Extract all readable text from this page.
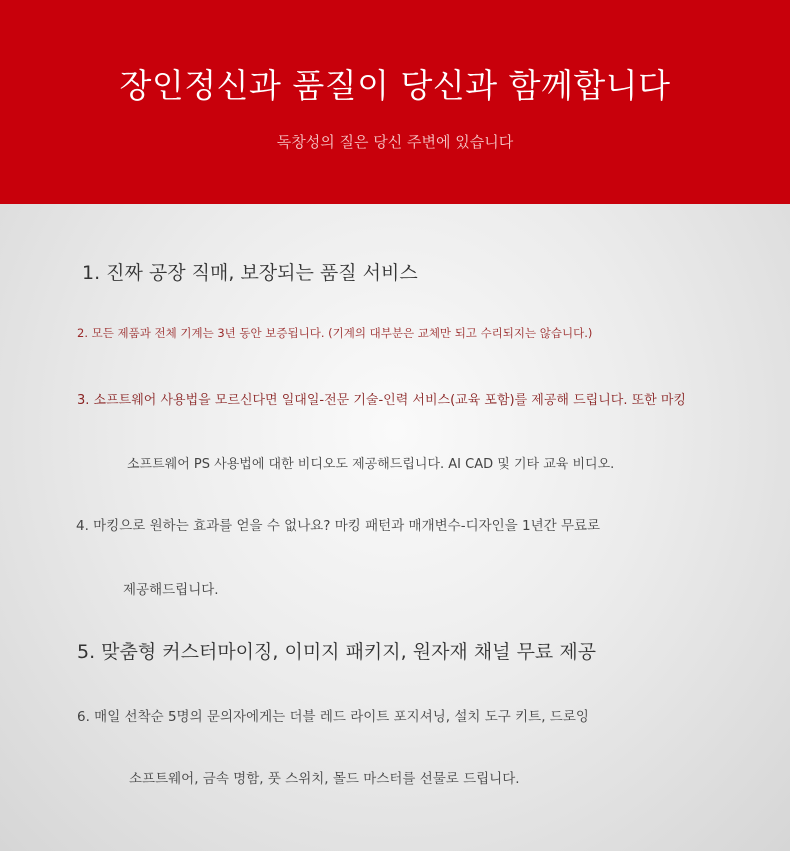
장인정신과 품질이 당신과 함께합니다
독창성의 질은 당신 주변에 있습니다
1. 진짜 공장 직매, 보장되는 품질 서비스
2. 모든 제품과 전체 기계는 3년 동안 보증됩니다. (기계의 대부분은 교체만 되고 수리되지는 않습니다.)
3. 소프트웨어 사용법을 모르신다면 일대일-전문 기술-인력 서비스(교육 포함)를 제공해 드립니다. 또한 마킹
소프트웨어 PS 사용법에 대한 비디오도 제공해드립니다. AI CAD 및 기타 교육 비디오.
4. 마킹으로 원하는 효과를 얻을 수 없나요? 마킹 패턴과 매개변수-디자인을 1년간 무료로
제공해드립니다.
5. 맞춤형 커스터마이징, 이미지 패키지, 원자재 채널 무료 제공
6. 매일 선착순 5명의 문의자에게는 더블 레드 라이트 포지셔닝, 설치 도구 키트, 드로잉
소프트웨어, 금속 명함, 풋 스위치, 몰드 마스터를 선물로 드립니다.
